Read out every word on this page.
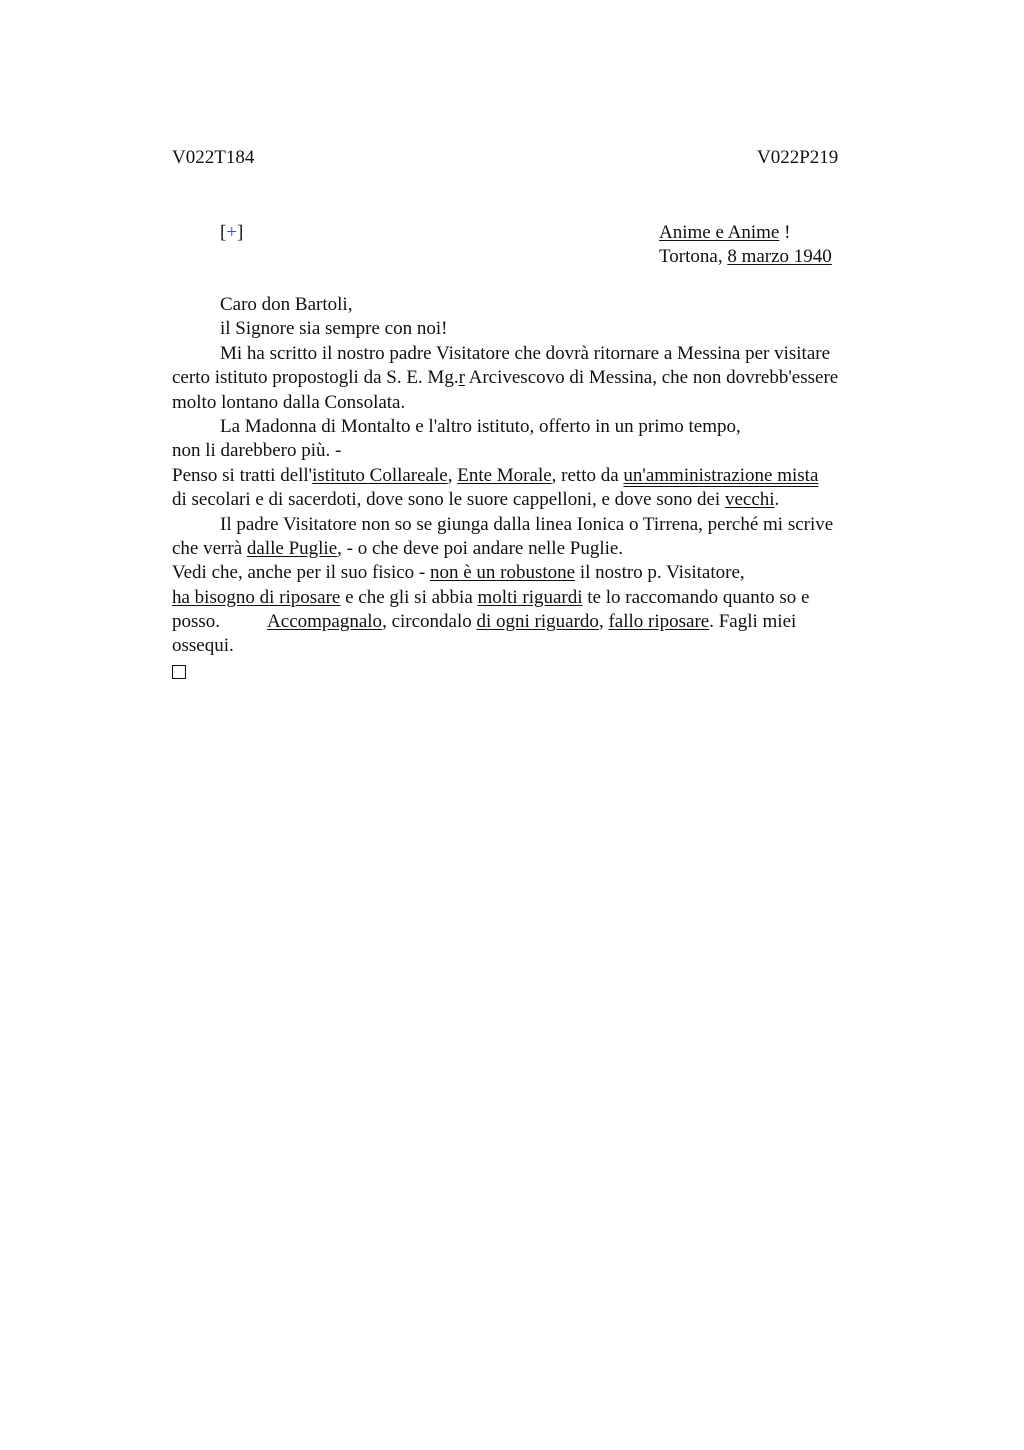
V022T184	V022P219
[+]	Anime e Anime !
Tortona, 8 marzo 1940
Caro don Bartoli,
il Signore sia sempre con noi!
Mi ha scritto il nostro padre Visitatore che dovrà ritornare a Messina per visitare
certo istituto propostogli da S. E. Mg.r Arcivescovo di Messina, che non dovrebb'essere
molto lontano dalla Consolata.
La Madonna di Montalto e l'altro istituto, offerto in un primo tempo,
non li darebbero più. -
Penso si tratti dell'istituto Collareale, Ente Morale, retto da un'amministrazione mista
di secolari e di sacerdoti, dove sono le suore cappelloni, e dove sono dei vecchi.
Il padre Visitatore non so se giunga dalla linea Ionica o Tirrena, perché mi scrive
che verrà dalle Puglie, - o che deve poi andare nelle Puglie.
Vedi che, anche per il suo fisico - non è un robustone il nostro p. Visitatore,
ha bisogno di riposare e che gli si abbia molti riguardi te lo raccomando quanto so e
posso. Accompagnalo, circondalo di ogni riguardo, fallo riposare. Fagli miei
ossequi.
